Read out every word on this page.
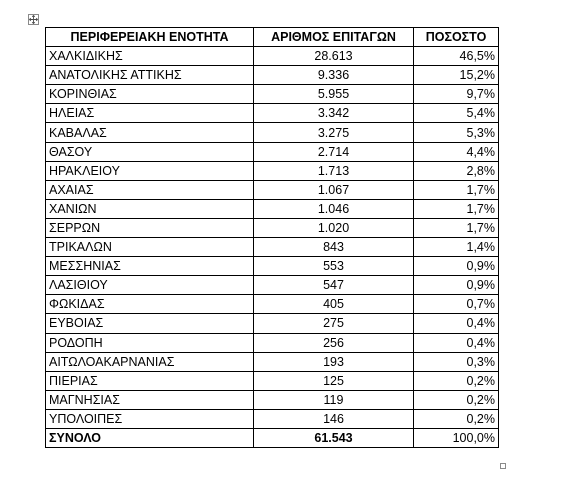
ΠΕΡΙΦΕΡΕΙΑΚΗ ΕΝΟΤΗΤΑ	ΑΡΙΘΜΟΣ ΕΠΙΤΑΓΩΝ	ΠΟΣΟΣΤΟ
ΧΑΛΚΙΔΙΚΗΣ	28.613	46,5%
ΑΝΑΤΟΛΙΚΗΣ ΑΤΤΙΚΗΣ	9.336	15,2%
ΚΟΡΙΝΘΙΑΣ	5.955	9,7%
ΗΛΕΙΑΣ	3.342	5,4%
ΚΑΒΑΛΑΣ	3.275	5,3%
ΘΑΣΟΥ	2.714	4,4%
ΗΡΑΚΛΕΙΟΥ	1.713	2,8%
ΑΧΑΙΑΣ	1.067	1,7%
ΧΑΝΙΩΝ	1.046	1,7%
ΣΕΡΡΩΝ	1.020	1,7%
ΤΡΙΚΑΛΩΝ	843	1,4%
ΜΕΣΣΗΝΙΑΣ	553	0,9%
ΛΑΣΙΘΙΟΥ	547	0,9%
ΦΩΚΙΔΑΣ	405	0,7%
ΕΥΒΟΙΑΣ	275	0,4%
ΡΟΔΟΠΗ	256	0,4%
ΑΙΤΩΛΟΑΚΑΡΝΑΝΙΑΣ	193	0,3%
ΠΙΕΡΙΑΣ	125	0,2%
ΜΑΓΝΗΣΙΑΣ	119	0,2%
ΥΠΟΛΟΙΠΕΣ	146	0,2%
ΣΥΝΟΛΟ	61.543	100,0%
